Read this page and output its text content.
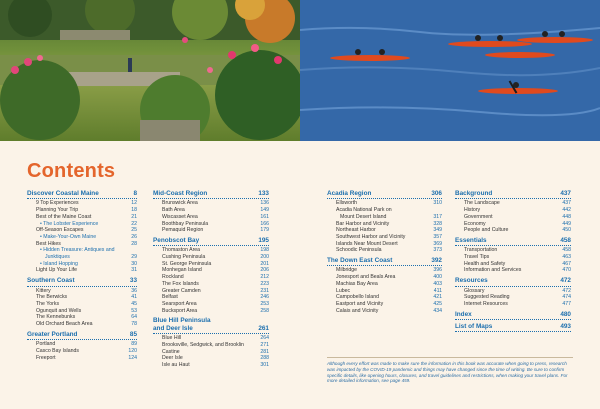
Contents
Discover Coastal Maine	8
9 Top Experiences	12
Planning Your Trip	18
Best of the Maine Coast	21
• The Lobster Experience	22
Off-Season Escapes	25
• Make-Your-Own Maine	26
Best Hikes	28
• Hidden Treasure: Antiques and
Junktiques	29
• Island Hopping	30
Light Up Your Life	31
Southern Coast	33
Kittery	36
The Berwicks	41
The Yorks	45
Ogunquit and Wells	53
The Kennebunks	64
Old Orchard Beach Area	78
Greater Portland	85
Portland	89
Casco Bay Islands	120
Freeport	124
Mid-Coast Region	133
Brunswick Area	136
Bath Area	149
Wiscasset Area	161
Boothbay Peninsula	166
Pemaquid Region	179
Penobscot Bay	195
Thomaston Area	198
Cushing Peninsula	200
St. George Peninsula	201
Monhegan Island	206
Rockland	212
The Fox Islands	223
Greater Camden	231
Belfast	246
Searsport Area	253
Bucksport Area	258
Blue Hill Peninsula
and Deer Isle	261
Blue Hill	264
Brooksville, Sedgwick, and Brooklin	271
Castine	281
Deer Isle	288
Isle au Haut	301
Acadia Region	306
Ellsworth	310
Acadia National Park on
Mount Desert Island	317
Bar Harbor and Vicinity	328
Northeast Harbor	349
Southwest Harbor and Vicinity	357
Islands Near Mount Desert	369
Schoodic Peninsula	373
The Down East Coast	392
Milbridge	396
Jonesport and Beals Area	400
Machias Bay Area	403
Lubec	411
Campobello Island	421
Eastport and Vicinity	425
Calais and Vicinity	434
Background	437
The Landscape	437
History	442
Government	448
Economy	449
People and Culture	450
Essentials	458
Transportation	458
Travel Tips	463
Health and Safety	467
Information and Services	470
Resources	472
Glossary	472
Suggested Reading	474
Internet Resources	477
Index	480
List of Maps	493
Although every effort was made to make sure the information in this book was accurate when going to press, research was impacted by the COVID-19 pandemic and things may have changed since the time of writing. Be sure to confirm specific details, like opening hours, closures, and travel guidelines and restrictions, when making your travel plans. For more detailed information, see page 459.
